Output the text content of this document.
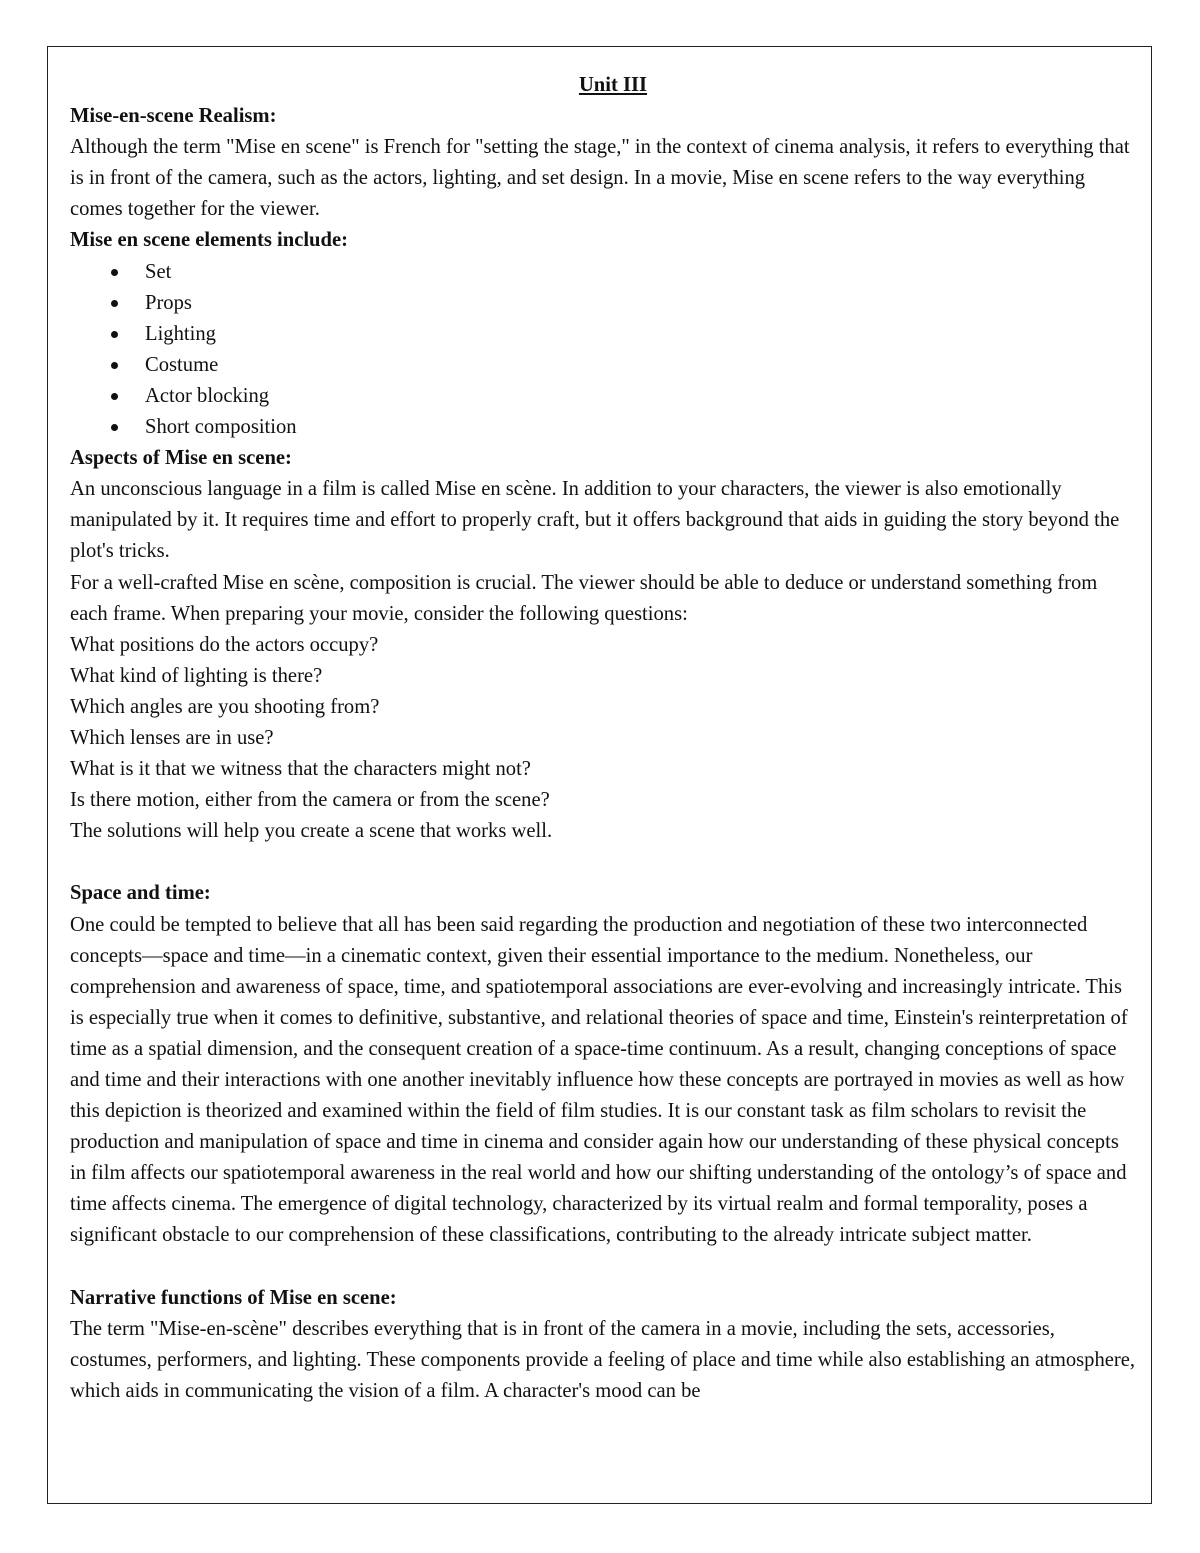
Unit III
Mise-en-scene Realism:

Although the term "Mise en scene" is French for "setting the stage," in the context of cinema analysis, it refers to everything that is in front of the camera, such as the actors, lighting, and set design. In a movie, Mise en scene refers to the way everything comes together for the viewer.

Mise en scene elements include:
Set
Props
Lighting
Costume
Actor blocking
Short composition
Aspects of Mise en scene:

An unconscious language in a film is called Mise en scène. In addition to your characters, the viewer is also emotionally manipulated by it. It requires time and effort to properly craft, but it offers background that aids in guiding the story beyond the plot's tricks.

For a well-crafted Mise en scène, composition is crucial. The viewer should be able to deduce or understand something from each frame. When preparing your movie, consider the following questions:

What positions do the actors occupy?

What kind of lighting is there?

Which angles are you shooting from?

Which lenses are in use?

What is it that we witness that the characters might not?

Is there motion, either from the camera or from the scene?

The solutions will help you create a scene that works well.

Space and time:

One could be tempted to believe that all has been said regarding the production and negotiation of these two interconnected concepts—space and time—in a cinematic context, given their essential importance to the medium. Nonetheless, our comprehension and awareness of space, time, and spatiotemporal associations are ever-evolving and increasingly intricate. This is especially true when it comes to definitive, substantive, and relational theories of space and time, Einstein's reinterpretation of time as a spatial dimension, and the consequent creation of a space-time continuum. As a result, changing conceptions of space and time and their interactions with one another inevitably influence how these concepts are portrayed in movies as well as how this depiction is theorized and examined within the field of film studies. It is our constant task as film scholars to revisit the production and manipulation of space and time in cinema and consider again how our understanding of these physical concepts in film affects our spatiotemporal awareness in the real world and how our shifting understanding of the ontology’s of space and time affects cinema. The emergence of digital technology, characterized by its virtual realm and formal temporality, poses a significant obstacle to our comprehension of these classifications, contributing to the already intricate subject matter.

Narrative functions of Mise en scene:

The term "Mise-en-scène" describes everything that is in front of the camera in a movie, including the sets, accessories, costumes, performers, and lighting. These components provide a feeling of place and time while also establishing an atmosphere, which aids in communicating the vision of a film. A character's mood can be
